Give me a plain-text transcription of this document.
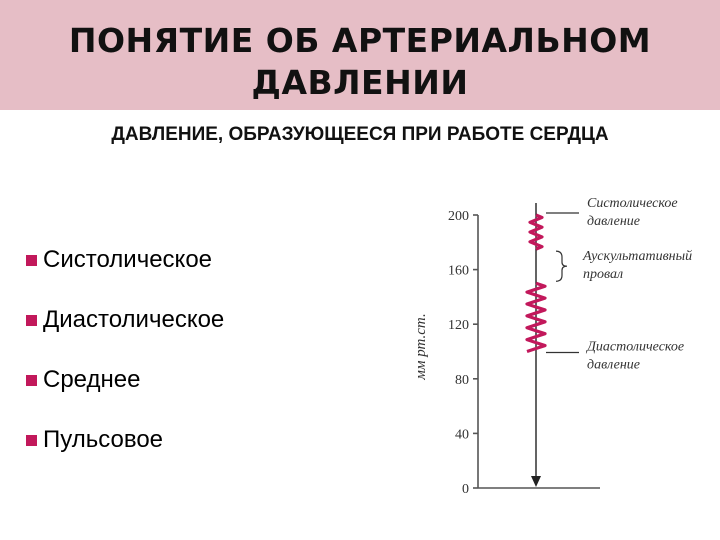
ПОНЯТИЕ ОБ АРТЕРИАЛЬНОМ
ДАВЛЕНИИ
ДАВЛЕНИЕ, ОБРАЗУЮЩЕЕСЯ ПРИ РАБОТЕ СЕРДЦА
Систолическое
Диастолическое
Среднее
Пульсовое
200
160
120
80
40
0
мм рт.ст.
Систолическое
давление
Аускультативный
провал
Диастолическое
давление
